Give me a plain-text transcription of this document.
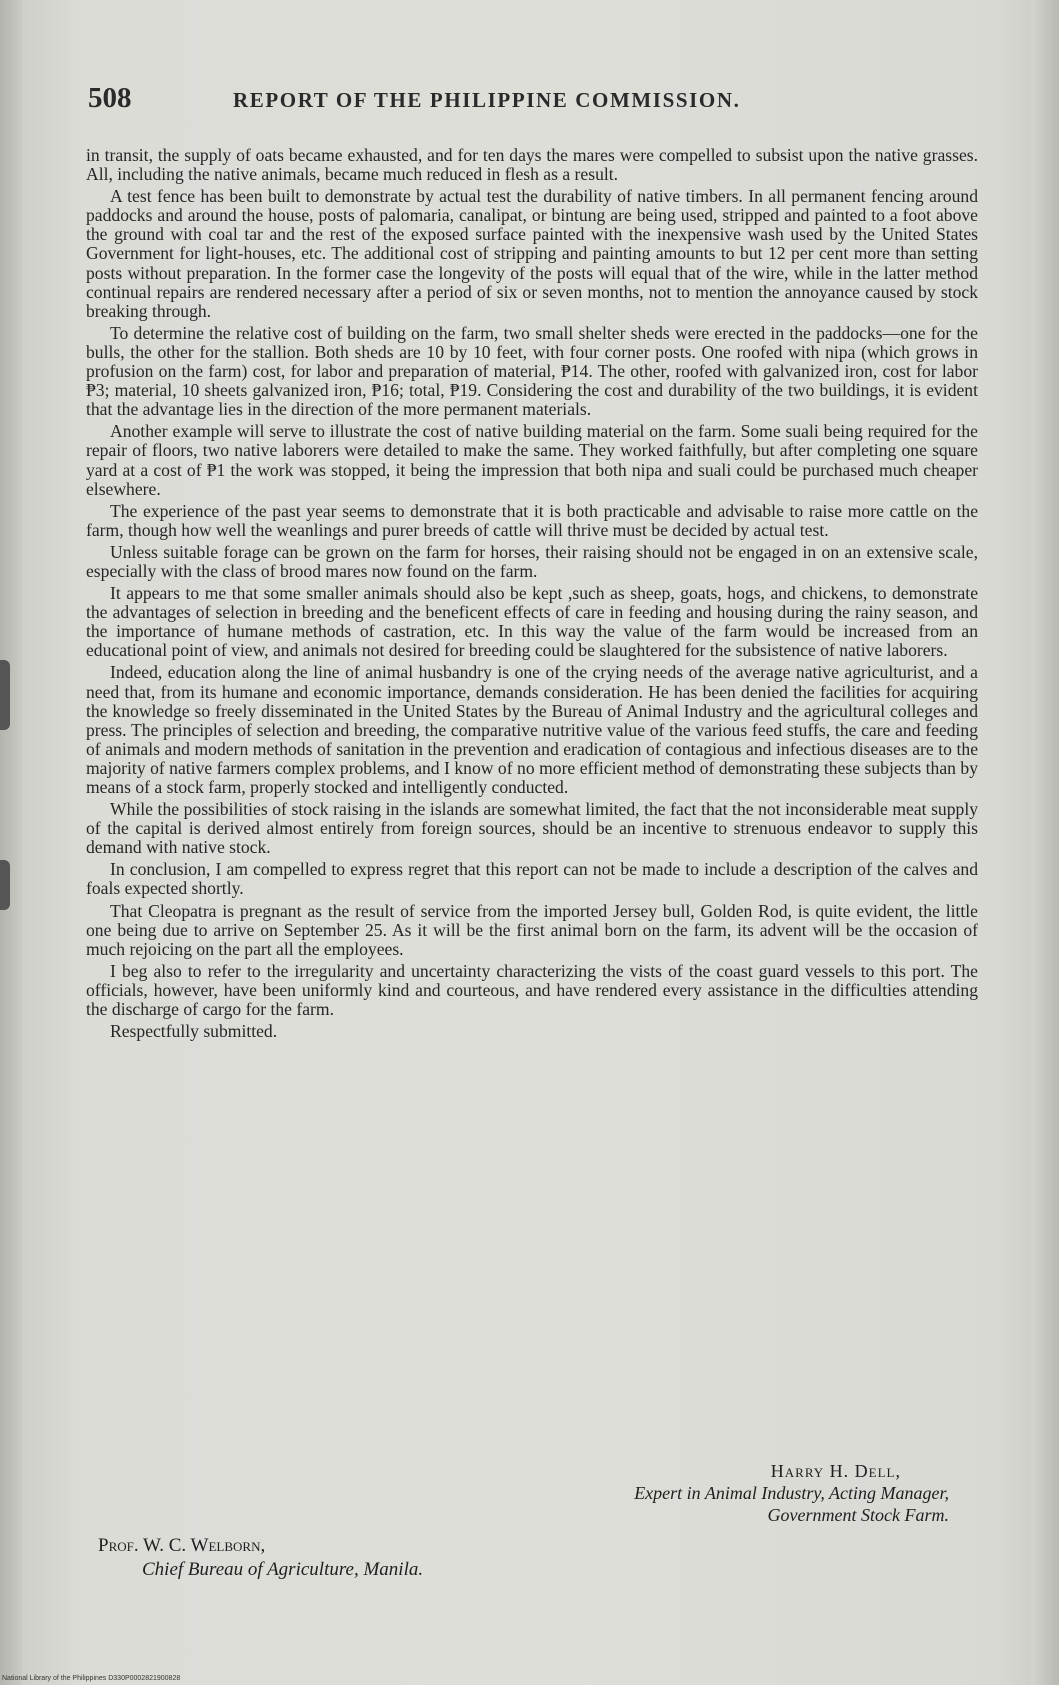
508	REPORT OF THE PHILIPPINE COMMISSION.

in transit, the supply of oats became exhausted, and for ten days the mares were compelled to subsist upon the native grasses. All, including the native animals, became much reduced in flesh as a result.

A test fence has been built to demonstrate by actual test the durability of native timbers. In all permanent fencing around paddocks and around the house, posts of palomaria, canalipat, or bintung are being used, stripped and painted to a foot above the ground with coal tar and the rest of the exposed surface painted with the inexpensive wash used by the United States Government for light-houses, etc. The additional cost of stripping and painting amounts to but 12 per cent more than setting posts without preparation. In the former case the longevity of the posts will equal that of the wire, while in the latter method continual repairs are rendered necessary after a period of six or seven months, not to mention the annoyance caused by stock breaking through.

To determine the relative cost of building on the farm, two small shelter sheds were erected in the paddocks—one for the bulls, the other for the stallion. Both sheds are 10 by 10 feet, with four corner posts. One roofed with nipa (which grows in profusion on the farm) cost, for labor and preparation of material, ₱14. The other, roofed with galvanized iron, cost for labor ₱3; material, 10 sheets galvanized iron, ₱16; total, ₱19. Considering the cost and durability of the two buildings, it is evident that the advantage lies in the direction of the more permanent materials.

Another example will serve to illustrate the cost of native building material on the farm. Some suali being required for the repair of floors, two native laborers were detailed to make the same. They worked faithfully, but after completing one square yard at a cost of ₱1 the work was stopped, it being the impression that both nipa and suali could be purchased much cheaper elsewhere.

The experience of the past year seems to demonstrate that it is both practicable and advisable to raise more cattle on the farm, though how well the weanlings and purer breeds of cattle will thrive must be decided by actual test.

Unless suitable forage can be grown on the farm for horses, their raising should not be engaged in on an extensive scale, especially with the class of brood mares now found on the farm.

It appears to me that some smaller animals should also be kept ,such as sheep, goats, hogs, and chickens, to demonstrate the advantages of selection in breeding and the beneficent effects of care in feeding and housing during the rainy season, and the importance of humane methods of castration, etc. In this way the value of the farm would be increased from an educational point of view, and animals not desired for breeding could be slaughtered for the subsistence of native laborers.

Indeed, education along the line of animal husbandry is one of the crying needs of the average native agriculturist, and a need that, from its humane and economic importance, demands consideration. He has been denied the facilities for acquiring the knowledge so freely disseminated in the United States by the Bureau of Animal Industry and the agricultural colleges and press. The principles of selection and breeding, the comparative nutritive value of the various feed stuffs, the care and feeding of animals and modern methods of sanitation in the prevention and eradication of contagious and infectious diseases are to the majority of native farmers complex problems, and I know of no more efficient method of demonstrating these subjects than by means of a stock farm, properly stocked and intelligently conducted.

While the possibilities of stock raising in the islands are somewhat limited, the fact that the not inconsiderable meat supply of the capital is derived almost entirely from foreign sources, should be an incentive to strenuous endeavor to supply this demand with native stock.

In conclusion, I am compelled to express regret that this report can not be made to include a description of the calves and foals expected shortly.

That Cleopatra is pregnant as the result of service from the imported Jersey bull, Golden Rod, is quite evident, the little one being due to arrive on September 25. As it will be the first animal born on the farm, its advent will be the occasion of much rejoicing on the part all the employees.

I beg also to refer to the irregularity and uncertainty characterizing the vists of the coast guard vessels to this port. The officials, however, have been uniformly kind and courteous, and have rendered every assistance in the difficulties attending the discharge of cargo for the farm.

Respectfully submitted.

Harry H. Dell,
Expert in Animal Industry, Acting Manager,
Government Stock Farm.
Prof. W. C. Welborn,
Chief Bureau of Agriculture, Manila.
National Library of the Philippines D330P0002821900828
